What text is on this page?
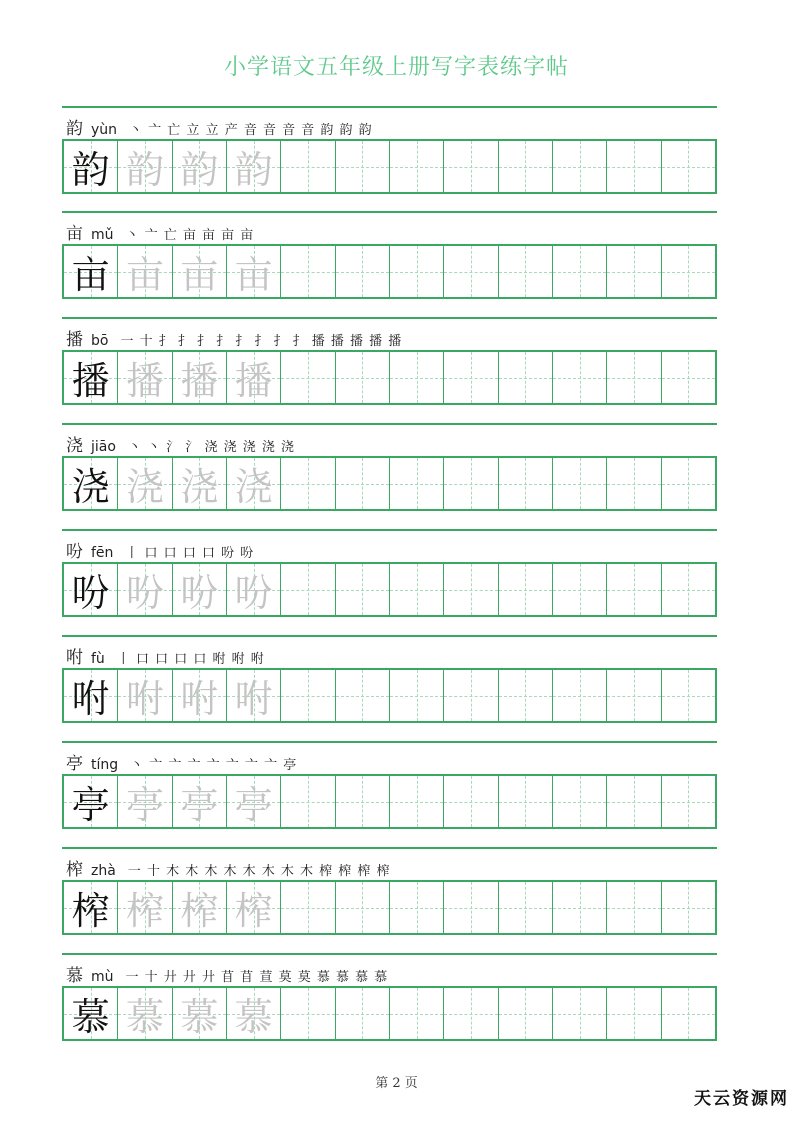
小学语文五年级上册写字表练字帖
韵 yùn 丶 亠 亡 立 立 产 音 音 音 音 韵 韵 韵
韵 韵 韵 韵
亩 mǔ 丶 亠 亡 亩 亩 亩 亩
亩 亩 亩 亩
播 bō 一 十 扌 扌 扌 扌 扌 扌 扌 扌 播 播 播 播 播
播 播 播 播
浇 jiāo 丶 丶 氵 氵 浇 浇 浇 浇 浇
浇 浇 浇 浇
吩 fēn 丨 口 口 口 口 吩 吩
吩 吩 吩 吩
咐 fù 丨 口 口 口 口 咐 咐 咐
咐 咐 咐 咐
亭 tíng 丶 亠 亠 亠 亠 亠 亠 亠 亭
亭 亭 亭 亭
榨 zhà 一 十 木 木 木 木 木 木 木 木 榨 榨 榨 榨
榨 榨 榨 榨
慕 mù 一 十 廾 廾 廾 苜 苜 荁 莫 莫 慕 慕 慕 慕
慕 慕 慕 慕
第 2 页
天云资源网
